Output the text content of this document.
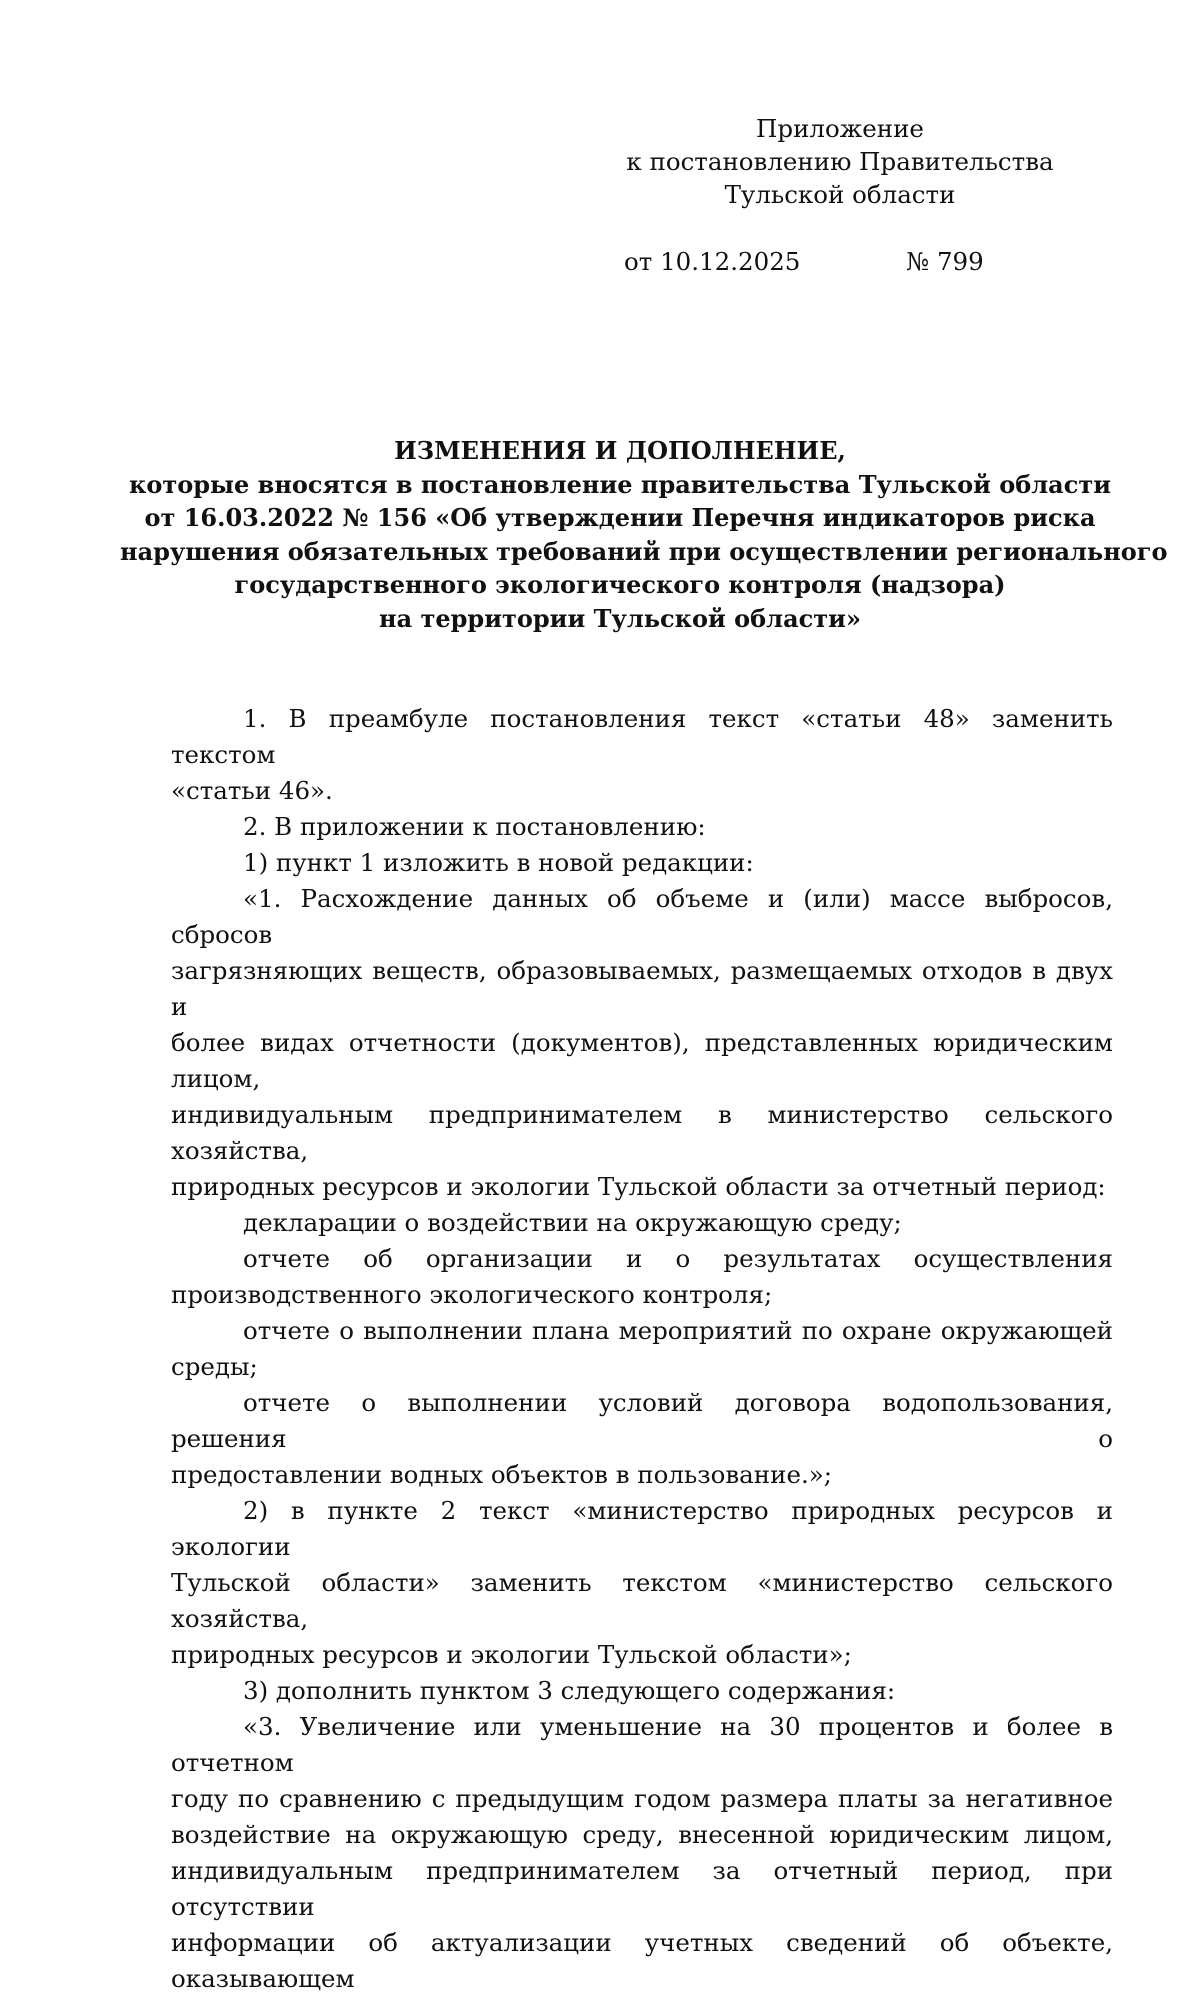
Приложение
к постановлению Правительства
Тульской области
от 10.12.2025	№ 799
ИЗМЕНЕНИЯ И ДОПОЛНЕНИЕ,
которые вносятся в постановление правительства Тульской области
от 16.03.2022 № 156 «Об утверждении Перечня индикаторов риска
нарушения обязательных требований при осуществлении регионального
государственного экологического контроля (надзора)
на территории Тульской области»
1. В преамбуле постановления текст «статьи 48» заменить текстом
«статьи 46».
2. В приложении к постановлению:
1) пункт 1 изложить в новой редакции:
«1. Расхождение данных об объеме и (или) массе выбросов, сбросов
загрязняющих веществ, образовываемых, размещаемых отходов в двух и
более видах отчетности (документов), представленных юридическим лицом,
индивидуальным предпринимателем в министерство сельского хозяйства,
природных ресурсов и экологии Тульской области за отчетный период:
декларации о воздействии на окружающую среду;
отчете об организации и о результатах осуществления
производственного экологического контроля;
отчете о выполнении плана мероприятий по охране окружающей среды;
отчете о выполнении условий договора водопользования, решения о
предоставлении водных объектов в пользование.»;
2) в пункте 2 текст «министерство природных ресурсов и экологии
Тульской области» заменить текстом «министерство сельского хозяйства,
природных ресурсов и экологии Тульской области»;
3) дополнить пунктом 3 следующего содержания:
«3. Увеличение или уменьшение на 30 процентов и более в отчетном
году по сравнению с предыдущим годом размера платы за негативное
воздействие на окружающую среду, внесенной юридическим лицом,
индивидуальным предпринимателем за отчетный период, при отсутствии
информации об актуализации учетных сведений об объекте, оказывающем
